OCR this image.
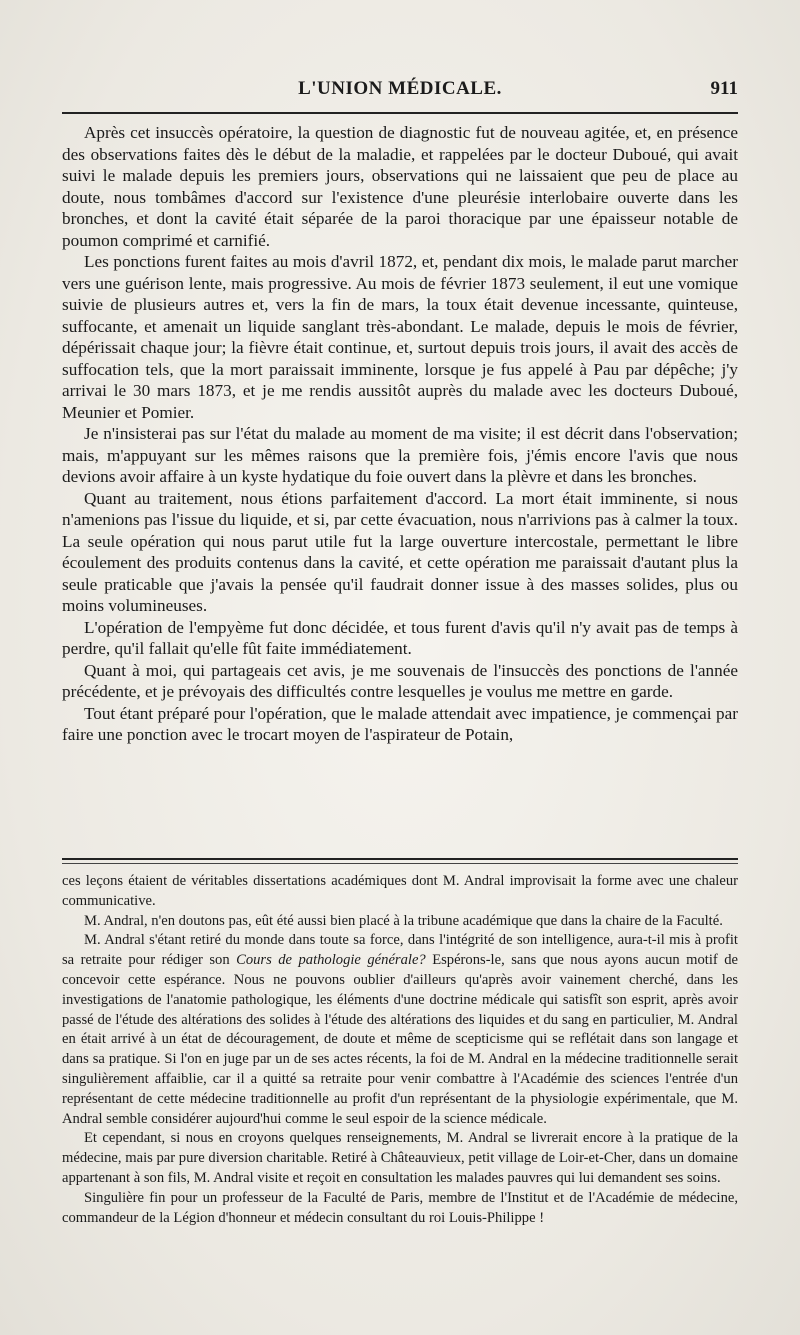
L'UNION MÉDICALE.	911

Après cet insuccès opératoire, la question de diagnostic fut de nouveau agitée, et, en présence des observations faites dès le début de la maladie, et rappelées par le docteur Duboué, qui avait suivi le malade depuis les premiers jours, observations qui ne laissaient que peu de place au doute, nous tombâmes d'accord sur l'existence d'une pleurésie interlobaire ouverte dans les bronches, et dont la cavité était séparée de la paroi thoracique par une épaisseur notable de poumon comprimé et carnifié.

Les ponctions furent faites au mois d'avril 1872, et, pendant dix mois, le malade parut marcher vers une guérison lente, mais progressive. Au mois de février 1873 seulement, il eut une vomique suivie de plusieurs autres et, vers la fin de mars, la toux était devenue incessante, quinteuse, suffocante, et amenait un liquide sanglant très-abondant. Le malade, depuis le mois de février, dépérissait chaque jour; la fièvre était continue, et, surtout depuis trois jours, il avait des accès de suffocation tels, que la mort paraissait imminente, lorsque je fus appelé à Pau par dépêche; j'y arrivai le 30 mars 1873, et je me rendis aussitôt auprès du malade avec les docteurs Duboué, Meunier et Pomier.

Je n'insisterai pas sur l'état du malade au moment de ma visite; il est décrit dans l'observation; mais, m'appuyant sur les mêmes raisons que la première fois, j'émis encore l'avis que nous devions avoir affaire à un kyste hydatique du foie ouvert dans la plèvre et dans les bronches.

Quant au traitement, nous étions parfaitement d'accord. La mort était imminente, si nous n'amenions pas l'issue du liquide, et si, par cette évacuation, nous n'arrivions pas à calmer la toux. La seule opération qui nous parut utile fut la large ouverture intercostale, permettant le libre écoulement des produits contenus dans la cavité, et cette opération me paraissait d'autant plus la seule praticable que j'avais la pensée qu'il faudrait donner issue à des masses solides, plus ou moins volumineuses.

L'opération de l'empyème fut donc décidée, et tous furent d'avis qu'il n'y avait pas de temps à perdre, qu'il fallait qu'elle fût faite immédiatement.

Quant à moi, qui partageais cet avis, je me souvenais de l'insuccès des ponctions de l'année précédente, et je prévoyais des difficultés contre lesquelles je voulus me mettre en garde.

Tout étant préparé pour l'opération, que le malade attendait avec impatience, je commençai par faire une ponction avec le trocart moyen de l'aspirateur de Potain,

ces leçons étaient de véritables dissertations académiques dont M. Andral improvisait la forme avec une chaleur communicative.

M. Andral, n'en doutons pas, eût été aussi bien placé à la tribune académique que dans la chaire de la Faculté.

M. Andral s'étant retiré du monde dans toute sa force, dans l'intégrité de son intelligence, aura-t-il mis à profit sa retraite pour rédiger son Cours de pathologie générale? Espérons-le, sans que nous ayons aucun motif de concevoir cette espérance. Nous ne pouvons oublier d'ailleurs qu'après avoir vainement cherché, dans les investigations de l'anatomie pathologique, les éléments d'une doctrine médicale qui satisfît son esprit, après avoir passé de l'étude des altérations des solides à l'étude des altérations des liquides et du sang en particulier, M. Andral en était arrivé à un état de découragement, de doute et même de scepticisme qui se reflétait dans son langage et dans sa pratique. Si l'on en juge par un de ses actes récents, la foi de M. Andral en la médecine traditionnelle serait singulièrement affaiblie, car il a quitté sa retraite pour venir combattre à l'Académie des sciences l'entrée d'un représentant de cette médecine traditionnelle au profit d'un représentant de la physiologie expérimentale, que M. Andral semble considérer aujourd'hui comme le seul espoir de la science médicale.

Et cependant, si nous en croyons quelques renseignements, M. Andral se livrerait encore à la pratique de la médecine, mais par pure diversion charitable. Retiré à Châteauvieux, petit village de Loir-et-Cher, dans un domaine appartenant à son fils, M. Andral visite et reçoit en consultation les malades pauvres qui lui demandent ses soins.

Singulière fin pour un professeur de la Faculté de Paris, membre de l'Institut et de l'Académie de médecine, commandeur de la Légion d'honneur et médecin consultant du roi Louis-Philippe !
